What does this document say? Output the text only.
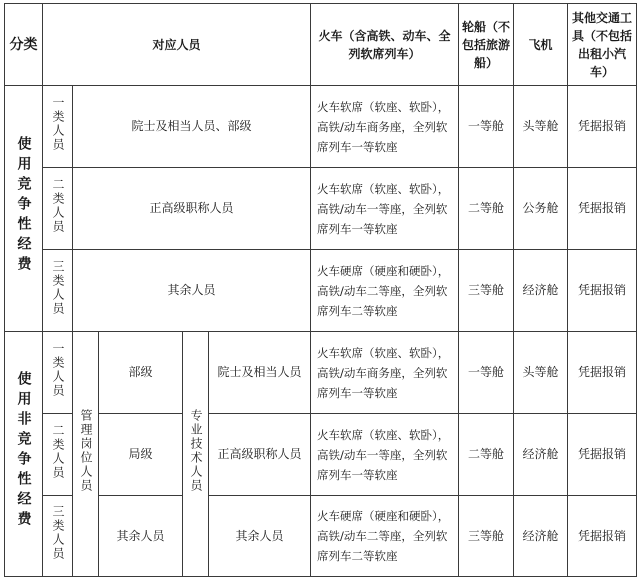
分类	对应人员					火车（含高铁、动车、全列软席列车）	轮船（不包括旅游船）	飞机	其他交通工具（不包括出租小汽车）
使用竞争性经费	一类人员	院士及相当人员、部级				火车软席（软座、软卧），高铁/动车商务座，全列软席列车一等软座	一等舱	头等舱	凭据报销
	二类人员	正高级职称人员				火车软席（软座、软卧），高铁/动车一等座，全列软席列车一等软座	二等舱	公务舱	凭据报销
	三类人员	其余人员				火车硬席（硬座和硬卧），高铁/动车二等座，全列软席列车二等软座	三等舱	经济舱	凭据报销
使用非竞争性经费	一类人员	管理岗位人员	部级	专业技术人员	院士及相当人员	火车软席（软座、软卧），高铁/动车商务座，全列软席列车一等软座	一等舱	头等舱	凭据报销
	二类人员		局级		正高级职称人员	火车软席（软座、软卧），高铁/动车一等座，全列软席列车一等软座	二等舱	经济舱	凭据报销
	三类人员		其余人员		其余人员	火车硬席（硬座和硬卧），高铁/动车二等座，全列软席列车二等软座	三等舱	经济舱	凭据报销
